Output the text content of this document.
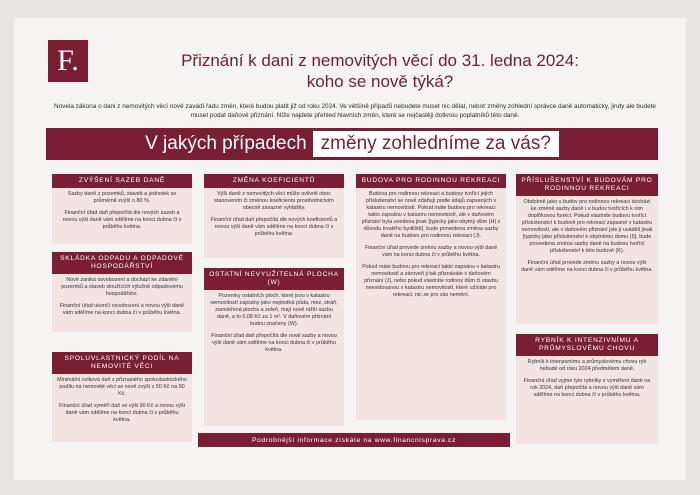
F.	Přiznání k dani z nemovitých věcí do 31. ledna 2024:
koho se nově týká?
Novela zákona o dani z nemovitých věcí nově zavádí řadu změn, které budou platit již od roku 2024. Ve většině případů nebudete muset nic dělat, neboť změny zohlední správce daně automaticky, jindy ale budete muset podat daňové přiznání. Níže najdete přehled hlavních změn, které se nejčastěji dotknou poplatníků této daně.
V jakých případech změny zohledníme za vás?
ZVÝŠENÍ SAZEB DANĚ

Sazby daně z pozemků, staveb a jednotek se průměrně zvýší o 80 %.

Finanční úřad daň přepočítá dle nových sazeb a novou výši daně vám sdělíme na konci dubna či v průběhu května.

SKLÁDKA ODPADU A ODPADOVÉ HOSPODÁŘSTVÍ

Nově zaniká osvobození a dochází ke zdanění pozemků a staveb sloužících výlučně odpadovému hospodářství.

Finanční úřad ukončí osvobození a novou výši daně vám sdělíme na konci dubna či v průběhu května.

SPOLUVLASTNICKÝ PODÍL NA NEMOVITÉ VĚCI

Minimální celková daň z přiznaného spoluvlastnického podílu na nemovité věci se nově zvýší z 50 Kč na 90 Kč.

Finanční úřad vyměří daň ve výši 90 Kč a novou výši daně vám sdělíme na konci dubna či v průběhu května.

ZMĚNA KOEFICIENTŮ

Výši daně z nemovitých věcí může ovlivnit obec stanovením či změnou koeficientu prostřednictvím obecně závazné vyhlášky.

Finanční úřad daň přepočítá dle nových koeficientů a novou výši daně vám sdělíme na konci dubna či v průběhu května.

OSTATNÍ NEVYUŽITELNÁ PLOCHA (W)

Pozemky ostatních ploch, které jsou v katastru nemovitostí zapsány jako neplodná půda, mez, stráň, zamokřená plocha a zeleň, mají nově nižší sazbu daně, a to 0,08 Kč za 1 m². V daňovém přiznání budou značeny (W).

Finanční úřad daň přepočítá dle nové sazby a novou výši daně vám sdělíme na konci dubna či v průběhu května.

BUDOVA PRO RODINNOU REKREACI

Budova pro rodinnou rekreaci a budovy tvořící jejich příslušenství se nově zdaňují podle údajů zapsaných v katastru nemovitostí. Pokud máte budovu pro rekreaci takto zapsánu v katastru nemovitostí, ale v daňovém přiznání byla uvedena jinak [typicky jako obytný dům (H) z důvodu trvalého bydliště], bude provedena změna sazby daně na budovu pro rodinnou rekreaci (J).

Finanční úřad provede změnu sazby a novou výši daně vám na konci dubna či v průběhu května.

Pokud máte budovu pro rekreaci takto zapsánu v katastru nemovitostí a zároveň ji tak přiznáváte v daňovém přiznání (J), nebo pokud vlastníte rodinný dům či stavbu neevidovanou v katastru nemovitostí, které užíváte pro rekreaci, nic se pro vás nemění.

PŘÍSLUŠENSTVÍ K BUDOVÁM PRO RODINNOU REKREACI

Obdobně jako u budov pro rodinnou rekreaci dochází ke změně sazby daně i u budov tvořících k nim doplňkovou funkci. Pokud vlastníte budovu tvořící příslušenství k budově pro rekreaci zapsané v katastru nemovitostí, ale v daňovém přiznání jste ji uváděli jinak [typicky jako příslušenství k obytnému domu (I)], bude provedena změna sazby daně na budovu tvořící příslušenství k této budově (K).

Finanční úřad provede změnu sazby a novou výši daně vám sdělíme na konci dubna či v průběhu května.

RYBNÍK K INTENZIVNÍMU A PRŮMYSLOVÉMU CHOVU

Rybník k intenzivnímu a průmyslovému chovu ryb nebude od roku 2024 předmětem daně.

Finanční úřad vyjme tyto rybníky z vyměření daně na rok 2024, daň přepočítá a novou výši daně vám sdělíme na konci dubna či v průběhu května.

Podrobnější informace získáte na www.financnisprava.cz
